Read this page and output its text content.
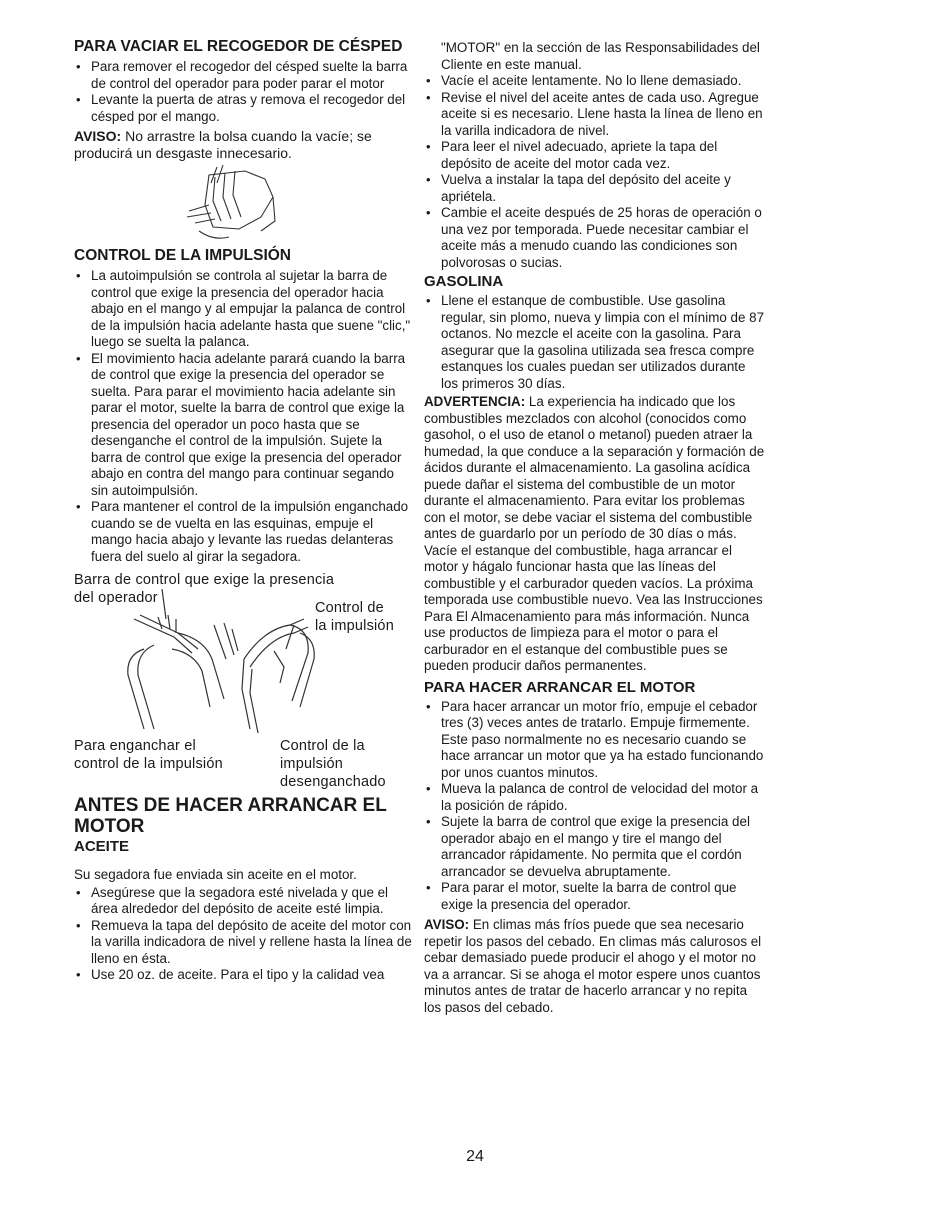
PARA VACIAR EL RECOGEDOR DE CÉSPED
• Para remover el recogedor del césped suelte la barra de control del operador para poder parar el motor
• Levante la puerta de atras y remova el recogedor del césped por el mango.

AVISO: No arrastre la bolsa cuando la vacíe; se producirá un desgaste innecesario.

CONTROL DE LA IMPULSIÓN
• La autoimpulsión se controla al sujetar la barra de control que exige la presencia del operador hacia abajo en el mango y al empujar la palanca de control de la impulsión hacia adelante hasta que suene "clic," luego se suelta la palanca.
• El movimiento hacia adelante parará cuando la barra de control que exige la presencia del operador se suelta. Para parar el movimiento hacia adelante sin parar el motor, suelte la barra de control que exige la presencia del operador un poco hasta que se desenganche el control de la impulsión. Sujete la barra de control que exige la presencia del operador abajo en contra del mango para continuar segando sin autoimpulsión.
• Para mantener el control de la impulsión enganchado cuando se de vuelta en las esquinas, empuje el mango hacia abajo y levante las ruedas delanteras fuera del suelo al girar la segadora.
Barra de control que exige la presencia
del operador
Control de
la impulsión
Para enganchar el
control de la impulsión
Control de la
impulsión
desenganchado
ANTES DE HACER ARRANCAR EL MOTOR
ACEITE

Su segadora fue enviada sin aceite en el motor.

• Asegúrese que la segadora esté nivelada y que el área alrededor del depósito de aceite esté limpia.
• Remueva la tapa del depósito de aceite del motor con la varilla indicadora de nivel y rellene hasta la línea de lleno en ésta.
• Use 20 oz. de aceite. Para el tipo y la calidad vea

"MOTOR" en la sección de las Responsabilidades del Cliente en este manual.

• Vacíe el aceite lentamente. No lo llene demasiado.
• Revise el nivel del aceite antes de cada uso. Agregue aceite si es necesario. Llene hasta la línea de lleno en la varilla indicadora de nivel.
• Para leer el nivel adecuado, apriete la tapa del depósito de aceite del motor cada vez.
• Vuelva a instalar la tapa del depósito del aceite y apriétela.
• Cambie el aceite después de 25 horas de operación o una vez por temporada. Puede necesitar cambiar el aceite más a menudo cuando las condiciones son polvorosas o sucias.
GASOLINA
• Llene el estanque de combustible. Use gasolina regular, sin plomo, nueva y limpia con el mínimo de 87 octanos. No mezcle el aceite con la gasolina. Para asegurar que la gasolina utilizada sea fresca compre estanques los cuales puedan ser utilizados durante los primeros 30 días.

ADVERTENCIA: La experiencia ha indicado que los combustibles mezclados con alcohol (conocidos como gasohol, o el uso de etanol o metanol) pueden atraer la humedad, la que conduce a la separación y formación de ácidos durante el almacenamiento. La gasolina acídica puede dañar el sistema del combustible de un motor durante el almacenamiento. Para evitar los problemas con el motor, se debe vaciar el sistema del combustible antes de guardarlo por un período de 30 días o más. Vacíe el estanque del combustible, haga arrancar el motor y hágalo funcionar hasta que las líneas del combustible y el carburador queden vacíos. La próxima temporada use combustible nuevo. Vea las Instrucciones Para El Almacenamiento para más información. Nunca use productos de limpieza para el motor o para el carburador en el estanque del combustible pues se pueden producir daños permanentes.

PARA HACER ARRANCAR EL MOTOR
• Para hacer arrancar un motor frío, empuje el cebador tres (3) veces antes de tratarlo. Empuje firmemente. Este paso normalmente no es necesario cuando se hace arrancar un motor que ya ha estado funcionando por unos cuantos minutos.
• Mueva la palanca de control de velocidad del motor a la posición de rápido.
• Sujete la barra de control que exige la presencia del operador abajo en el mango y tire el mango del arrancador rápidamente. No permita que el cordón arrancador se devuelva abruptamente.
• Para parar el motor, suelte la barra de control que exige la presencia del operador.

AVISO: En climas más fríos puede que sea necesario repetir los pasos del cebado. En climas más calurosos el cebar demasiado puede producir el ahogo y el motor no va a arrancar. Si se ahoga el motor espere unos cuantos minutos antes de tratar de hacerlo arrancar y no repita los pasos del cebado.

24
